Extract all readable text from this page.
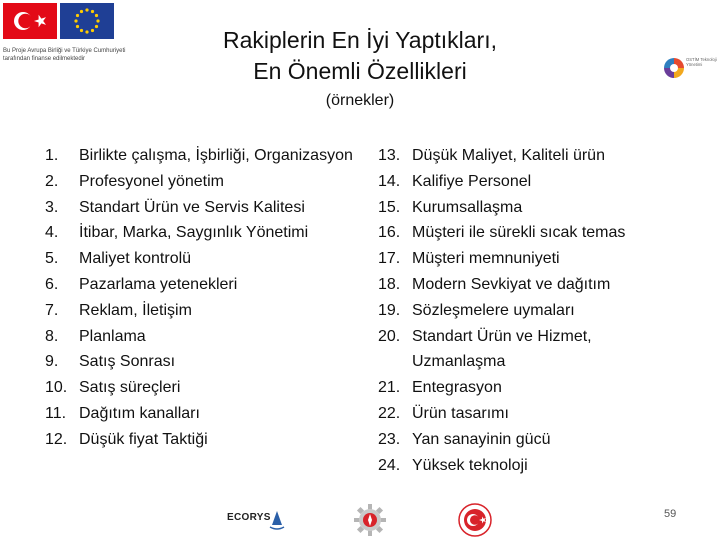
Bu Proje Avrupa Birliği ve Türkiye Cumhuriyeti tarafından finanse edilmektedir	OSTİM Teknoloji Yönetimi
Rakiplerin En İyi Yaptıkları,
En Önemli Özellikleri
(örnekler)
1. Birlikte çalışma, İşbirliği, Organizasyon
2. Profesyonel yönetim
3. Standart Ürün ve Servis Kalitesi
4. İtibar, Marka, Saygınlık Yönetimi
5. Maliyet kontrolü
6. Pazarlama yetenekleri
7. Reklam, İletişim
8. Planlama
9. Satış Sonrası
10. Satış süreçleri
11. Dağıtım kanalları
12. Düşük fiyat Taktiği
13. Düşük Maliyet, Kaliteli ürün
14. Kalifiye Personel
15. Kurumsallaşma
16. Müşteri ile sürekli sıcak temas
17. Müşteri memnuniyeti
18. Modern Sevkiyat ve dağıtım
19. Sözleşmelere uymaları
20. Standart Ürün ve Hizmet, Uzmanlaşma
21. Entegrasyon
22. Ürün tasarımı
23. Yan sanayinin gücü
24. Yüksek teknoloji
ECORYS	59
